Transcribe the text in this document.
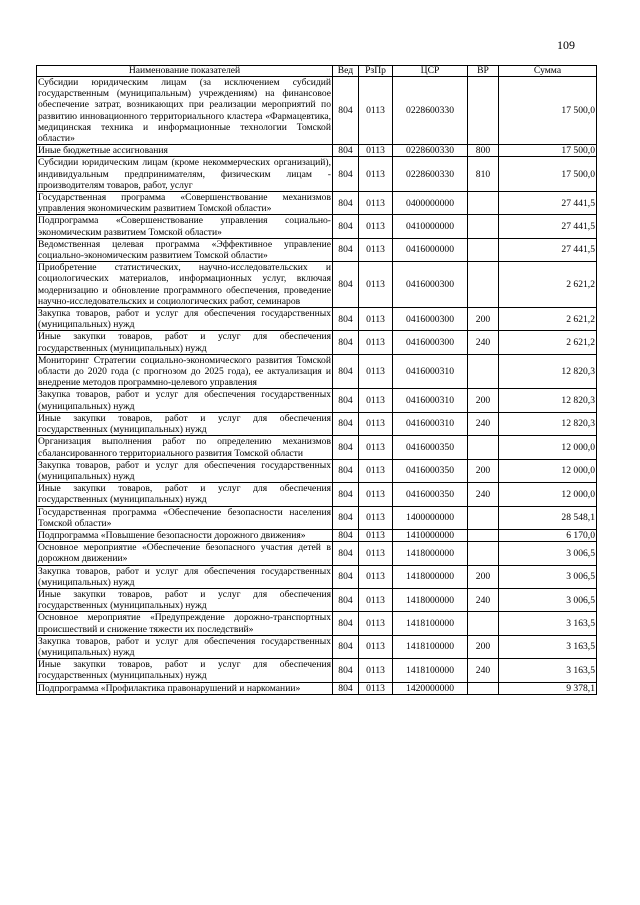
109
Наименование показателей	Вед	РзПр	ЦСР	ВР	Сумма
Субсидии юридическим лицам (за исключением субсидий государственным (муниципальным) учреждениям) на финансовое обеспечение затрат, возникающих при реализации мероприятий по развитию инновационного территориального кластера «Фармацевтика, медицинская техника и информационные технологии Томской области»	804	0113	0228600330		17 500,0
Иные бюджетные ассигнования	804	0113	0228600330	800	17 500,0
Субсидии юридическим лицам (кроме некоммерческих организаций), индивидуальным предпринимателям, физическим лицам - производителям товаров, работ, услуг	804	0113	0228600330	810	17 500,0
Государственная программа «Совершенствование механизмов управления экономическим развитием Томской области»	804	0113	0400000000		27 441,5
Подпрограмма «Совершенствование управления социально-экономическим развитием Томской области»	804	0113	0410000000		27 441,5
Ведомственная целевая программа «Эффективное управление социально-экономическим развитием Томской области»	804	0113	0416000000		27 441,5
Приобретение статистических, научно-исследовательских и социологических материалов, информационных услуг, включая модернизацию и обновление программного обеспечения, проведение научно-исследовательских и социологических работ, семинаров	804	0113	0416000300		2 621,2
Закупка товаров, работ и услуг для обеспечения государственных (муниципальных) нужд	804	0113	0416000300	200	2 621,2
Иные закупки товаров, работ и услуг для обеспечения государственных (муниципальных) нужд	804	0113	0416000300	240	2 621,2
Мониторинг Стратегии социально-экономического развития Томской области до 2020 года (с прогнозом до 2025 года), ее актуализация и внедрение методов программно-целевого управления	804	0113	0416000310		12 820,3
Закупка товаров, работ и услуг для обеспечения государственных (муниципальных) нужд	804	0113	0416000310	200	12 820,3
Иные закупки товаров, работ и услуг для обеспечения государственных (муниципальных) нужд	804	0113	0416000310	240	12 820,3
Организация выполнения работ по определению механизмов сбалансированного территориального развития Томской области	804	0113	0416000350		12 000,0
Закупка товаров, работ и услуг для обеспечения государственных (муниципальных) нужд	804	0113	0416000350	200	12 000,0
Иные закупки товаров, работ и услуг для обеспечения государственных (муниципальных) нужд	804	0113	0416000350	240	12 000,0
Государственная программа «Обеспечение безопасности населения Томской области»	804	0113	1400000000		28 548,1
Подпрограмма «Повышение безопасности дорожного движения»	804	0113	1410000000		6 170,0
Основное мероприятие «Обеспечение безопасного участия детей в дорожном движении»	804	0113	1418000000		3 006,5
Закупка товаров, работ и услуг для обеспечения государственных (муниципальных) нужд	804	0113	1418000000	200	3 006,5
Иные закупки товаров, работ и услуг для обеспечения государственных (муниципальных) нужд	804	0113	1418000000	240	3 006,5
Основное мероприятие «Предупреждение дорожно-транспортных происшествий и снижение тяжести их последствий»	804	0113	1418100000		3 163,5
Закупка товаров, работ и услуг для обеспечения государственных (муниципальных) нужд	804	0113	1418100000	200	3 163,5
Иные закупки товаров, работ и услуг для обеспечения государственных (муниципальных) нужд	804	0113	1418100000	240	3 163,5
Подпрограмма «Профилактика правонарушений и наркомании»	804	0113	1420000000		9 378,1
